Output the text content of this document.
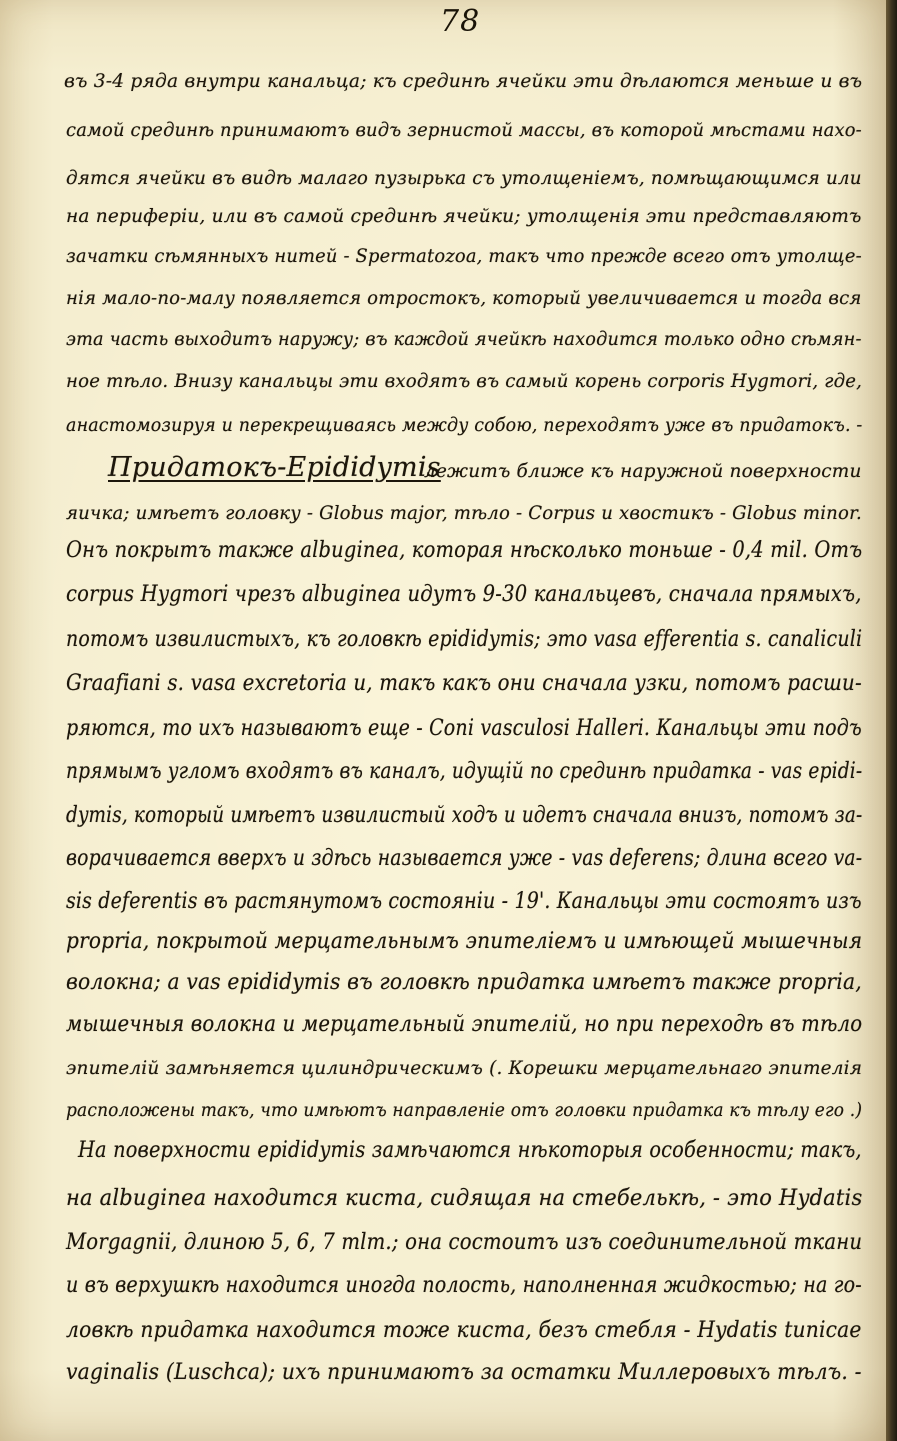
78
въ 3-4 ряда внутри канальца; къ срединѣ ячейки эти дѣлаются меньше и въ
самой срединѣ принимаютъ видъ зернистой массы, въ которой мѣстами нахо-
дятся ячейки въ видѣ малаго пузырька съ утолщеніемъ, помѣщающимся или
на периферіи, или въ самой срединѣ ячейки; утолщенія эти представляютъ
зачатки сѣмянныхъ нитей - Spermatozoa, такъ что прежде всего отъ утолще-
нія мало-по-малу появляется отростокъ, который увеличивается и тогда вся
эта часть выходитъ наружу; въ каждой ячейкѣ находится только одно сѣмян-
ное тѣло. Внизу канальцы эти входятъ въ самый корень corporis Hygmori, где,
анастомозируя и перекрещиваясь между собою, переходятъ уже въ придатокъ. -
Придатокъ-Epididymis
лежитъ ближе къ наружной поверхности
яичка; имѣетъ головку - Globus major, тѣло - Corpus и хвостикъ - Globus minor.
Онъ покрытъ также albuginea, которая нѣсколько тоньше - 0,4 mil. Отъ
corpus Hygmori чрезъ albuginea идутъ 9-30 канальцевъ, сначала прямыхъ,
потомъ извилистыхъ, къ головкѣ epididymis; это vasa efferentia s. canaliculi
Graafiani s. vasa excretoria и, такъ какъ они сначала узки, потомъ расши-
ряются, то ихъ называютъ еще - Coni vasculosi Halleri. Канальцы эти подъ
прямымъ угломъ входятъ въ каналъ, идущій по срединѣ придатка - vas epidi-
dymis, который имѣетъ извилистый ходъ и идетъ сначала внизъ, потомъ за-
ворачивается вверхъ и здѣсь называется уже - vas deferens; длина всего va-
sis deferentis въ растянутомъ состояніи - 19'. Канальцы эти состоятъ изъ
propria, покрытой мерцательнымъ эпителіемъ и имѣющей мышечныя
волокна; а vas epididymis въ головкѣ придатка имѣетъ также propria,
мышечныя волокна и мерцательный эпителій, но при переходѣ въ тѣло
эпителій замѣняется цилиндрическимъ (. Корешки мерцательнаго эпителія
расположены такъ, что имѣютъ направленіе отъ головки придатка къ тѣлу его .)
На поверхности epididymis замѣчаются нѣкоторыя особенности; такъ,
на albuginea находится киста, сидящая на стебелькѣ, - это Hydatis
Morgagnii, длиною 5, 6, 7 mlm.; она состоитъ изъ соединительной ткани
и въ верхушкѣ находится иногда полость, наполненная жидкостью; на го-
ловкѣ придатка находится тоже киста, безъ стебля - Hydatis tunicae
vaginalis (Luschca); ихъ принимаютъ за остатки Миллеровыхъ тѣлъ. -
